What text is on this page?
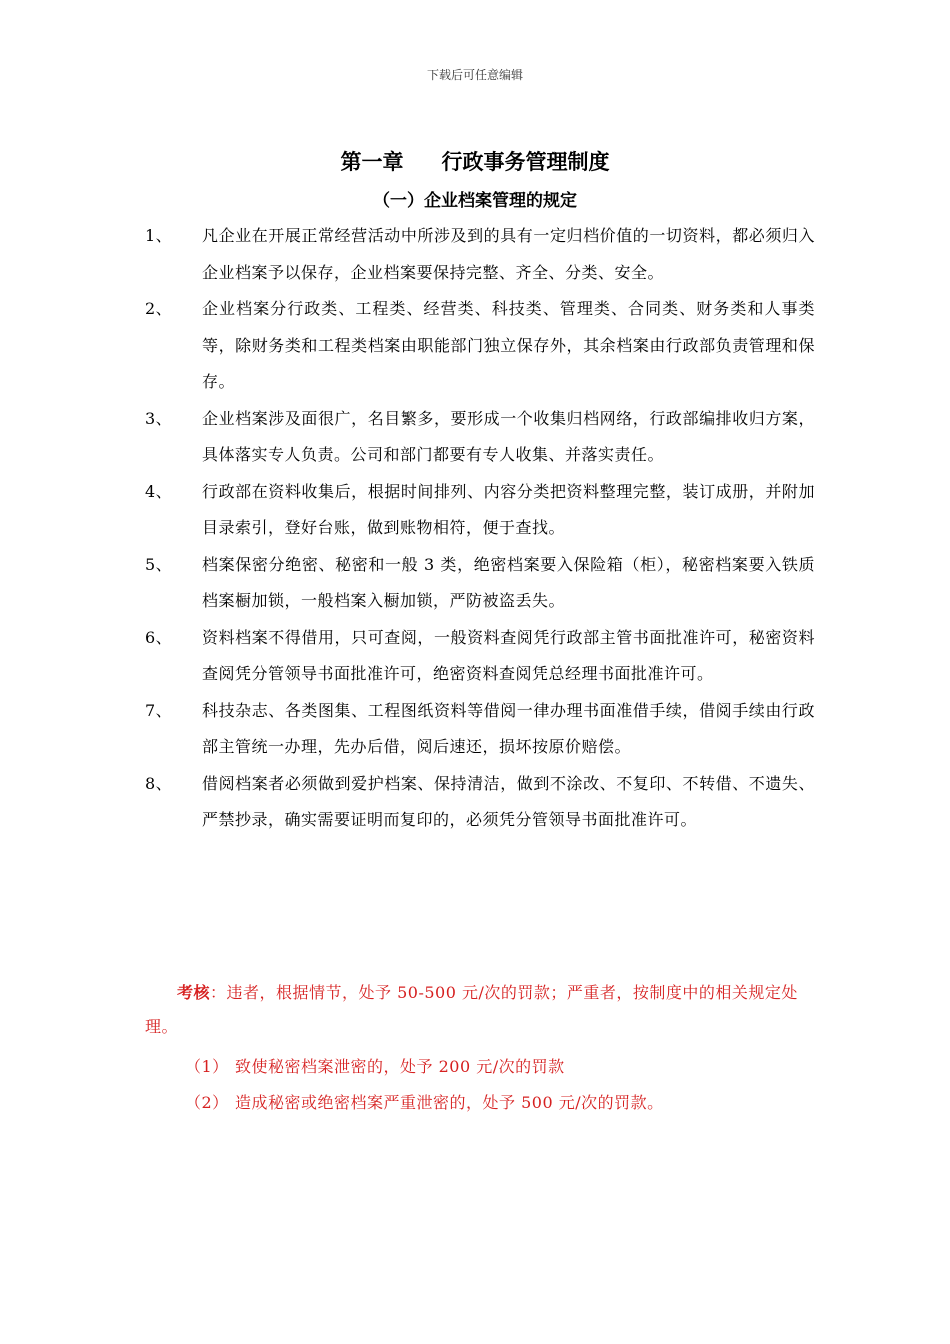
下载后可任意编辑
第一章 行政事务管理制度
（一）企业档案管理的规定
1、 凡企业在开展正常经营活动中所涉及到的具有一定归档价值的一切资料，都必须归入企业档案予以保存，企业档案要保持完整、齐全、分类、安全。
2、 企业档案分行政类、工程类、经营类、科技类、管理类、合同类、财务类和人事类等，除财务类和工程类档案由职能部门独立保存外，其余档案由行政部负责管理和保存。
3、 企业档案涉及面很广，名目繁多，要形成一个收集归档网络，行政部编排收归方案，具体落实专人负责。公司和部门都要有专人收集、并落实责任。
4、 行政部在资料收集后，根据时间排列、内容分类把资料整理完整，装订成册，并附加目录索引，登好台账，做到账物相符，便于查找。
5、 档案保密分绝密、秘密和一般 3 类，绝密档案要入保险箱（柜），秘密档案要入铁质档案橱加锁，一般档案入橱加锁，严防被盗丢失。
6、 资料档案不得借用，只可查阅，一般资料查阅凭行政部主管书面批准许可，秘密资料查阅凭分管领导书面批准许可，绝密资料查阅凭总经理书面批准许可。
7、 科技杂志、各类图集、工程图纸资料等借阅一律办理书面准借手续，借阅手续由行政部主管统一办理，先办后借，阅后速还，损坏按原价赔偿。
8、 借阅档案者必须做到爱护档案、保持清洁，做到不涂改、不复印、不转借、不遗失、严禁抄录，确实需要证明而复印的，必须凭分管领导书面批准许可。
考核：违者，根据情节，处予 50-500 元/次的罚款；严重者，按制度中的相关规定处理。
（1） 致使秘密档案泄密的，处予 200 元/次的罚款
（2） 造成秘密或绝密档案严重泄密的，处予 500 元/次的罚款。
